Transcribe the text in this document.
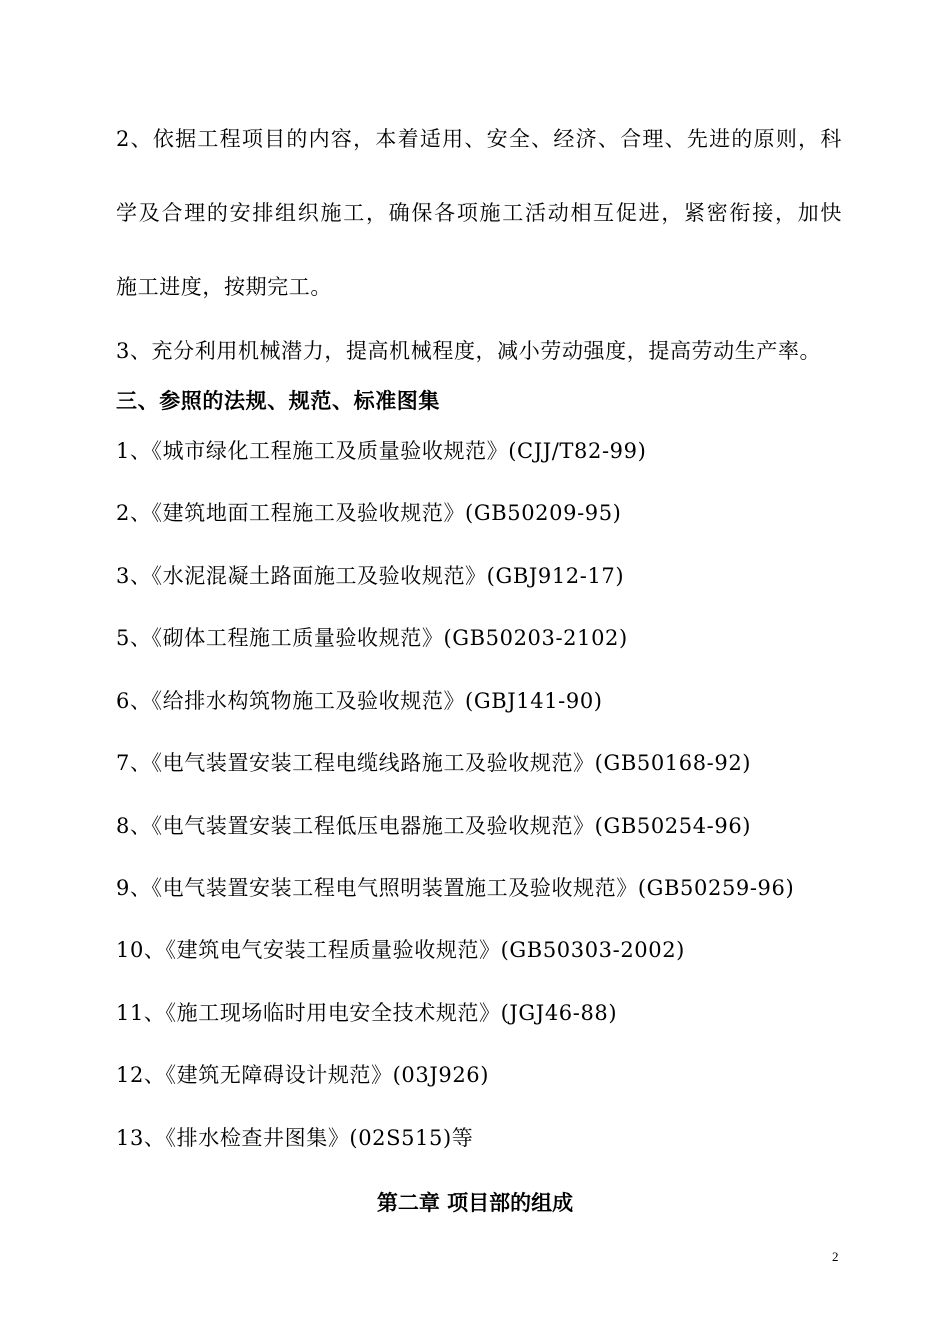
2、依据工程项目的内容，本着适用、安全、经济、合理、先进的原则，科
学及合理的安排组织施工，确保各项施工活动相互促进，紧密衔接，加快
施工进度，按期完工。
3、充分利用机械潜力，提高机械程度，减小劳动强度，提高劳动生产率。
三、参照的法规、规范、标准图集
1、《城市绿化工程施工及质量验收规范》(CJJ/T82-99)
2、《建筑地面工程施工及验收规范》(GB50209-95)
3、《水泥混凝土路面施工及验收规范》(GBJ912-17)
5、《砌体工程施工质量验收规范》(GB50203-2102)
6、《给排水构筑物施工及验收规范》(GBJ141-90)
7、《电气装置安装工程电缆线路施工及验收规范》(GB50168-92)
8、《电气装置安装工程低压电器施工及验收规范》(GB50254-96)
9、《电气装置安装工程电气照明装置施工及验收规范》(GB50259-96)
10、《建筑电气安装工程质量验收规范》(GB50303-2002)
11、《施工现场临时用电安全技术规范》(JGJ46-88)
12、《建筑无障碍设计规范》(03J926)
13、《排水检查井图集》(02S515)等
第二章 项目部的组成
2
